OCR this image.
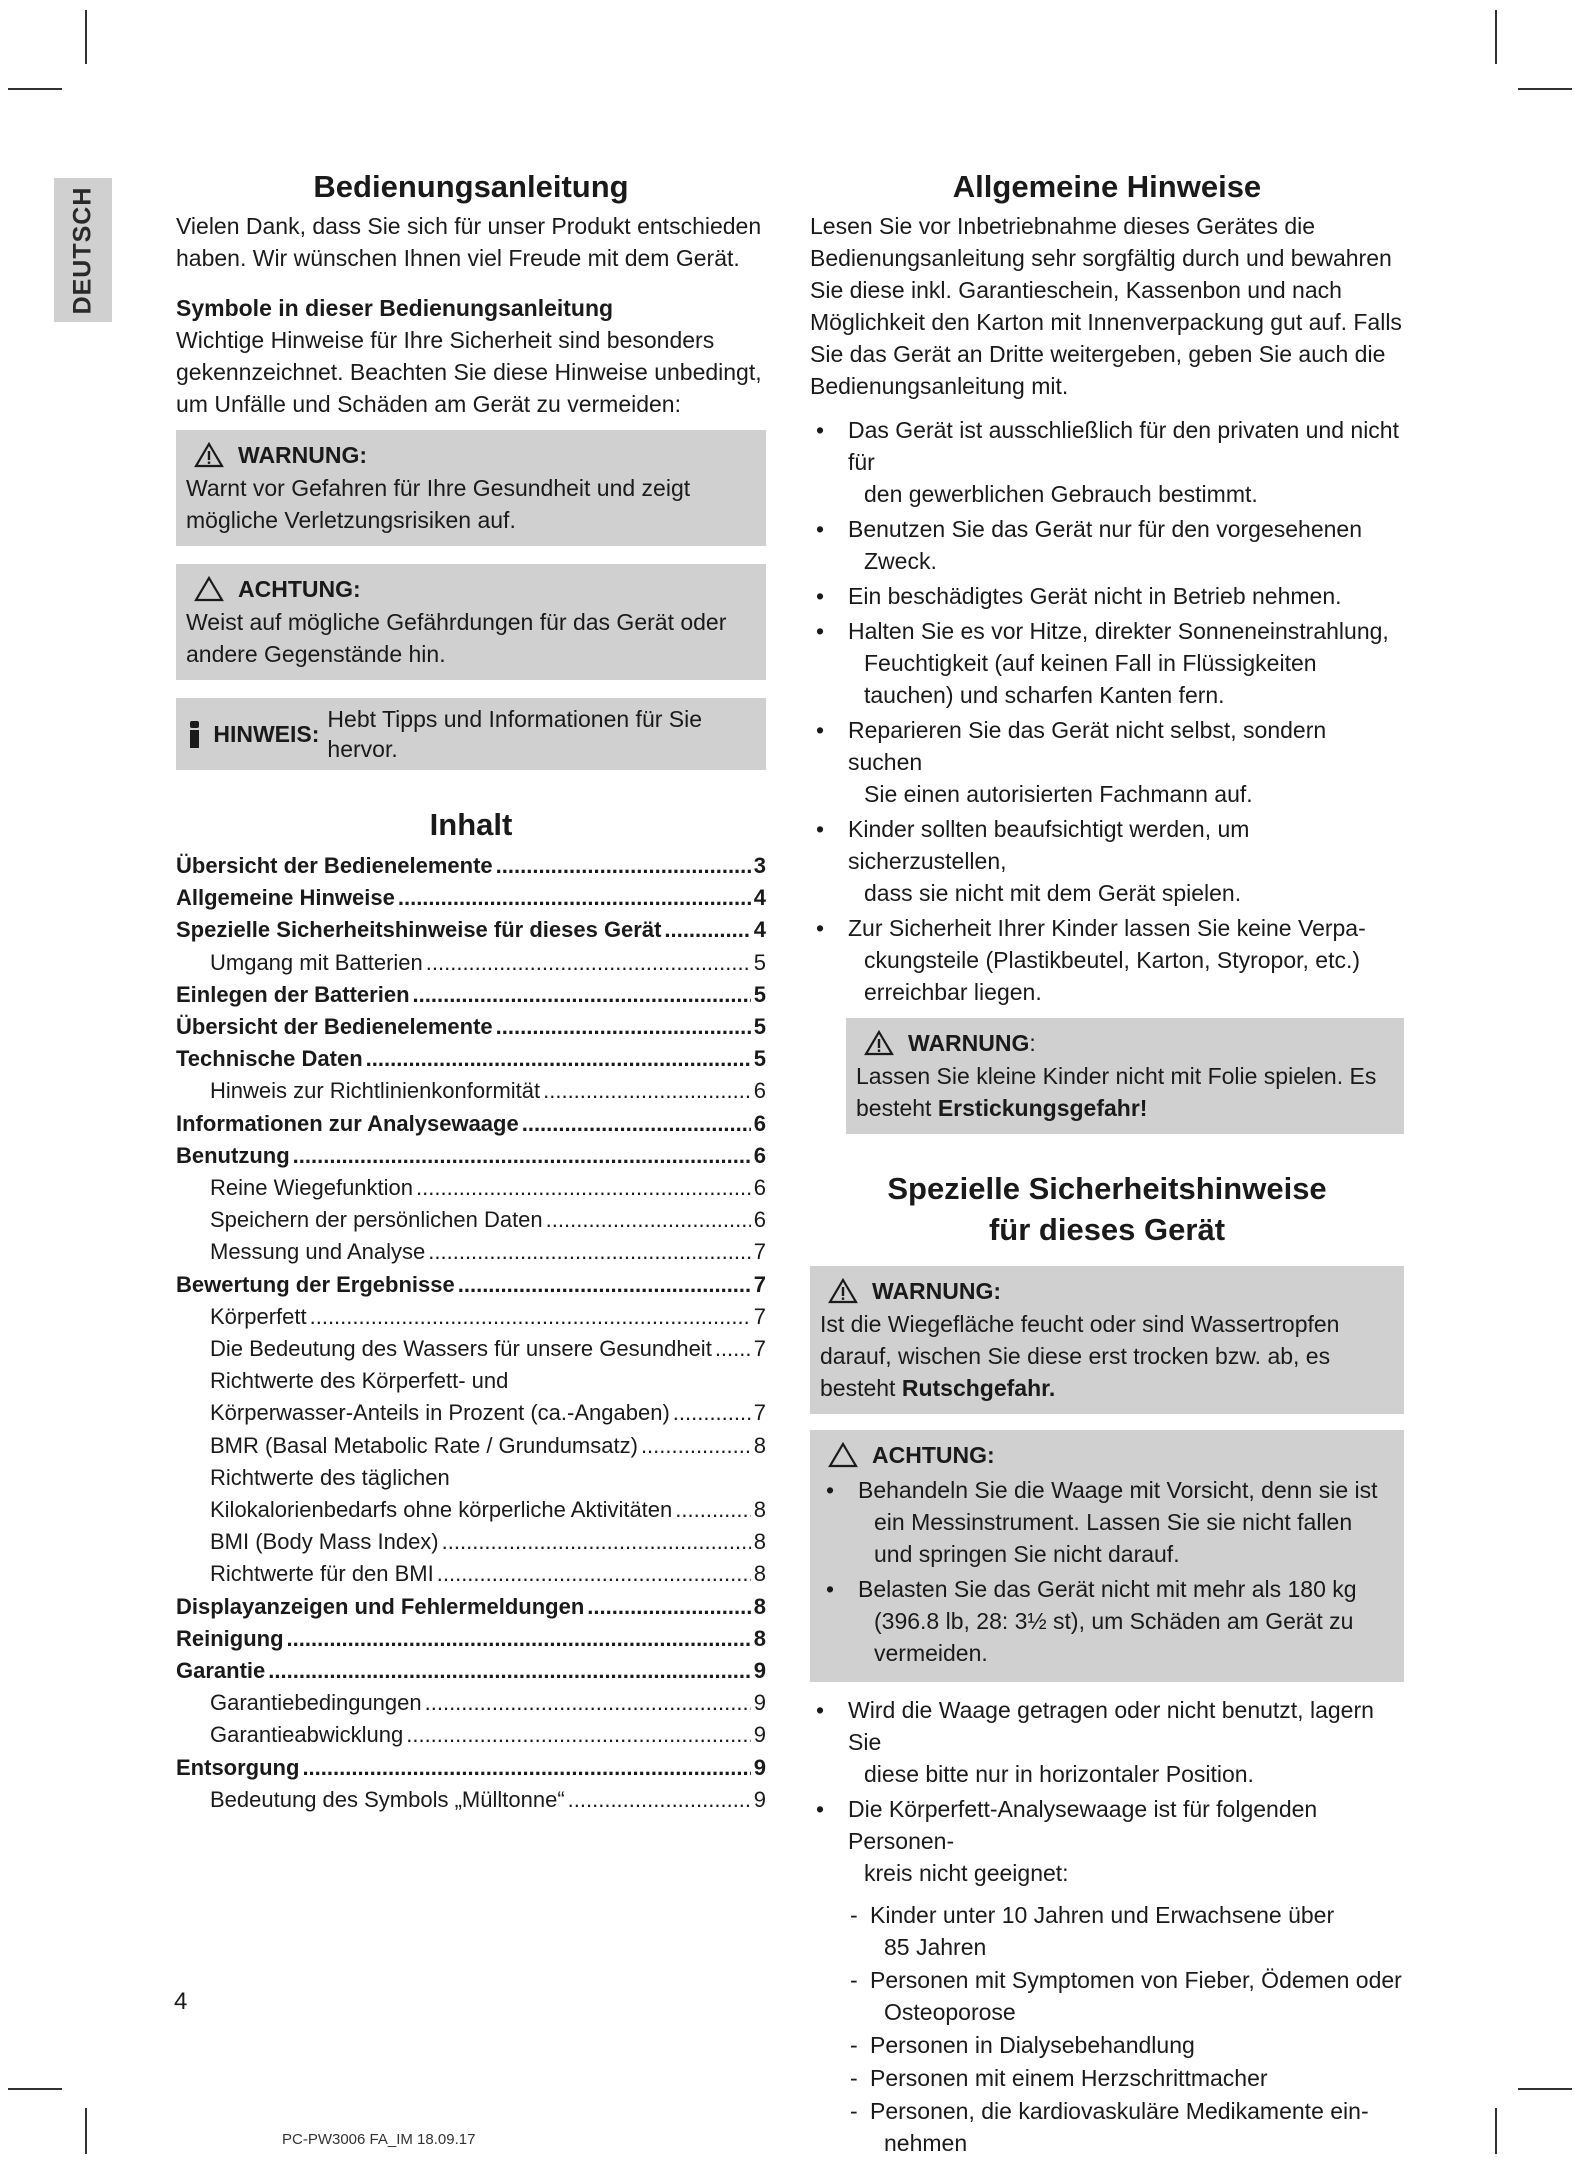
DEUTSCH	Bedienungsanleitung

Vielen Dank, dass Sie sich für unser Produkt entschieden haben. Wir wünschen Ihnen viel Freude mit dem Gerät.

Symbole in dieser Bedienungsanleitung

Wichtige Hinweise für Ihre Sicherheit sind besonders gekennzeichnet. Beachten Sie diese Hinweise unbedingt, um Unfälle und Schäden am Gerät zu vermeiden:

WARNUNG:

Warnt vor Gefahren für Ihre Gesundheit und zeigt mögliche Verletzungsrisiken auf.

ACHTUNG:

Weist auf mögliche Gefährdungen für das Gerät oder andere Gegenstände hin.

HINWEIS:
Hebt Tipps und Informationen für Sie hervor.
Inhalt
Übersicht der Bedienelemente .....	3
Allgemeine Hinweise .....	4
Spezielle Sicherheitshinweise für dieses Gerät .....	4
Umgang mit Batterien .....	5
Einlegen der Batterien .....	5
Übersicht der Bedienelemente .....	5
Technische Daten .....	5
Hinweis zur Richtlinienkonformität .....	6
Informationen zur Analysewaage .....	6
Benutzung .....	6
Reine Wiegefunktion .....	6
Speichern der persönlichen Daten .....	6
Messung und Analyse .....	7
Bewertung der Ergebnisse .....	7
Körperfett .....	7
Die Bedeutung des Wassers für unsere Gesundheit ..... 7
Richtwerte des Körperfett- und
Körperwasser-Anteils in Prozent (ca.-Angaben) .....	7
BMR (Basal Metabolic Rate / Grundumsatz) .....	8
Richtwerte des täglichen
Kilokalorienbedarfs ohne körperliche Aktivitäten .....	8
BMI (Body Mass Index) .....	8
Richtwerte für den BMI .....	8
Displayanzeigen und Fehlermeldungen .....	8
Reinigung .....	8
Garantie .....	9
Garantiebedingungen .....	9
Garantieabwicklung .....	9
Entsorgung .....	9
Bedeutung des Symbols „Mülltonne“ .....	9
Allgemeine Hinweise

Lesen Sie vor Inbetriebnahme dieses Gerätes die Bedienungsanleitung sehr sorgfältig durch und bewahren Sie diese inkl. Garantieschein, Kassenbon und nach Möglichkeit den Karton mit Innenverpackung gut auf. Falls Sie das Gerät an Dritte weitergeben, geben Sie auch die Bedienungsanleitung mit.

• Das Gerät ist ausschließlich für den privaten und nicht für
den gewerblichen Gebrauch bestimmt.
• Benutzen Sie das Gerät nur für den vorgesehenen
Zweck.
• Ein beschädigtes Gerät nicht in Betrieb nehmen.
• Halten Sie es vor Hitze, direkter Sonneneinstrahlung,
Feuchtigkeit (auf keinen Fall in Flüssigkeiten tauchen) und scharfen Kanten fern.
• Reparieren Sie das Gerät nicht selbst, sondern suchen
Sie einen autorisierten Fachmann auf.
• Kinder sollten beaufsichtigt werden, um sicherzustellen,
dass sie nicht mit dem Gerät spielen.
• Zur Sicherheit Ihrer Kinder lassen Sie keine Verpa-
ckungsteile (Plastikbeutel, Karton, Styropor, etc.) erreichbar liegen.
WARNUNG :

Lassen Sie kleine Kinder nicht mit Folie spielen. Es besteht Erstickungsgefahr!

Spezielle Sicherheitshinweise
für dieses Gerät
WARNUNG:

Ist die Wiegefläche feucht oder sind Wassertropfen darauf, wischen Sie diese erst trocken bzw. ab, es besteht Rutschgefahr.

ACHTUNG:
• Behandeln Sie die Waage mit Vorsicht, denn sie ist
ein Messinstrument. Lassen Sie sie nicht fallen und springen Sie nicht darauf.
• Belasten Sie das Gerät nicht mit mehr als 180 kg
(396.8 lb, 28: 3½ st), um Schäden am Gerät zu vermeiden.
• Wird die Waage getragen oder nicht benutzt, lagern Sie
diese bitte nur in horizontaler Position.
• Die Körperfett-Analysewaage ist für folgenden Personen-
kreis nicht geeignet:
- Kinder unter 10 Jahren und Erwachsene über
85 Jahren
- Personen mit Symptomen von Fieber, Ödemen oder
Osteoporose
- Personen in Dialysebehandlung
- Personen mit einem Herzschrittmacher
- Personen, die kardiovaskuläre Medikamente ein-
nehmen
4
PC-PW3006 FA_IM 18.09.17
